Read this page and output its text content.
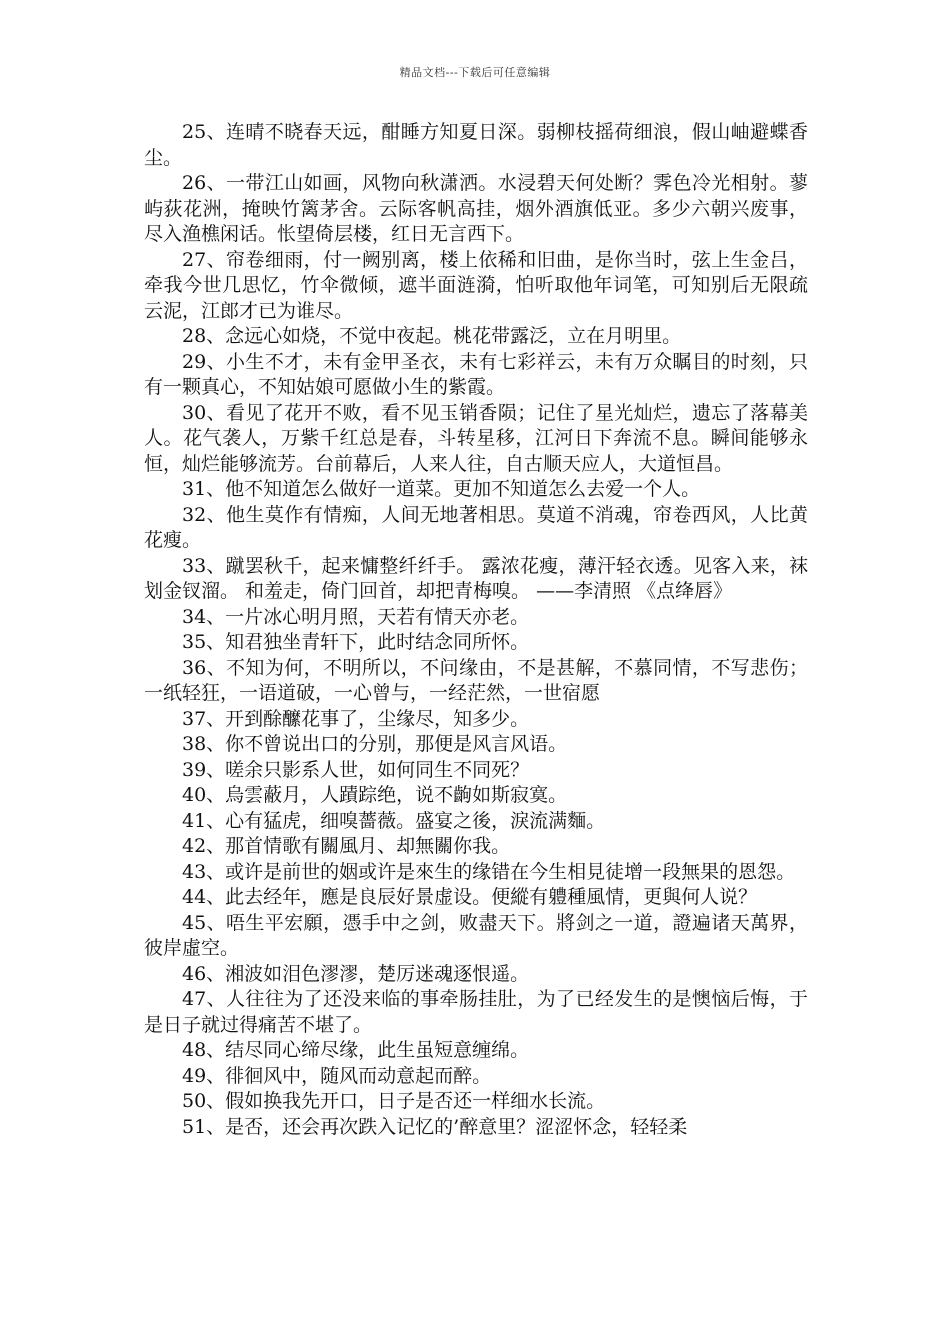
精品文档---下载后可任意编辑

25、连晴不晓春天远，酣睡方知夏日深。弱柳枝摇荷细浪，假山岫避蝶香尘。

26、一带江山如画，风物向秋潇洒。水浸碧天何处断？霁色冷光相射。蓼屿荻花洲，掩映竹篱茅舍。云际客帆高挂，烟外酒旗低亚。多少六朝兴废事，尽入渔樵闲话。怅望倚层楼，红日无言西下。

27、帘卷细雨，付一阙别离，楼上依稀和旧曲，是你当时，弦上生金吕，牵我今世几思忆，竹伞微倾，遮半面涟漪，怕听取他年词笔，可知别后无限疏云泥，江郎才已为谁尽。

28、念远心如烧，不觉中夜起。桃花带露泛，立在月明里。

29、小生不才，未有金甲圣衣，未有七彩祥云，未有万众瞩目的时刻，只有一颗真心，不知姑娘可愿做小生的紫霞。

30、看见了花开不败，看不见玉销香陨；记住了星光灿烂，遗忘了落幕美人。花气袭人，万紫千红总是春，斗转星移，江河日下奔流不息。瞬间能够永恒，灿烂能够流芳。台前幕后，人来人往，自古顺天应人，大道恒昌。

31、他不知道怎么做好一道菜。更加不知道怎么去爱一个人。

32、他生莫作有情痴，人间无地著相思。莫道不消魂，帘卷西风，人比黄花瘦。

33、蹴罢秋千，起来慵整纤纤手。 露浓花瘦，薄汗轻衣透。见客入来，袜划金钗溜。 和羞走，倚门回首，却把青梅嗅。 ——李清照 《点绛唇》

34、一片冰心明月照，天若有情天亦老。

35、知君独坐青轩下，此时结念同所怀。

36、不知为何，不明所以，不问缘由，不是甚解，不慕同情，不写悲伤；一纸轻狂，一语道破，一心曾与，一经茫然，一世宿愿

37、开到酴醿花事了，尘缘尽，知多少。

38、你不曾说出口的分别，那便是风言风语。

39、嗟余只影系人世，如何同生不同死？

40、烏雲蔽月，人蹟踪绝，说不齣如斯寂寞。

41、心有猛虎，细嗅薔薇。盛宴之後，淚流满麵。

42、那首情歌有關風月、却無關你我。

43、或许是前世的姻或许是來生的缘错在今生相見徒增一段無果的恩怨。

44、此去经年，應是良辰好景虚设。便縱有軆種風情，更與何人说？

45、唔生平宏願，憑手中之剑，败盡天下。將剑之一道，證遍诸天萬界，彼岸虛空。

46、湘波如泪色漻漻，楚厉迷魂逐恨遥。

47、人往往为了还没来临的事牵肠挂肚，为了已经发生的是懊恼后悔，于是日子就过得痛苦不堪了。

48、结尽同心缔尽缘，此生虽短意缠绵。

49、徘徊风中，随风而动意起而醉。

50、假如换我先开口，日子是否还一样细水长流。

51、是否，还会再次跌入记忆的’醉意里？涩涩怀念，轻轻柔
